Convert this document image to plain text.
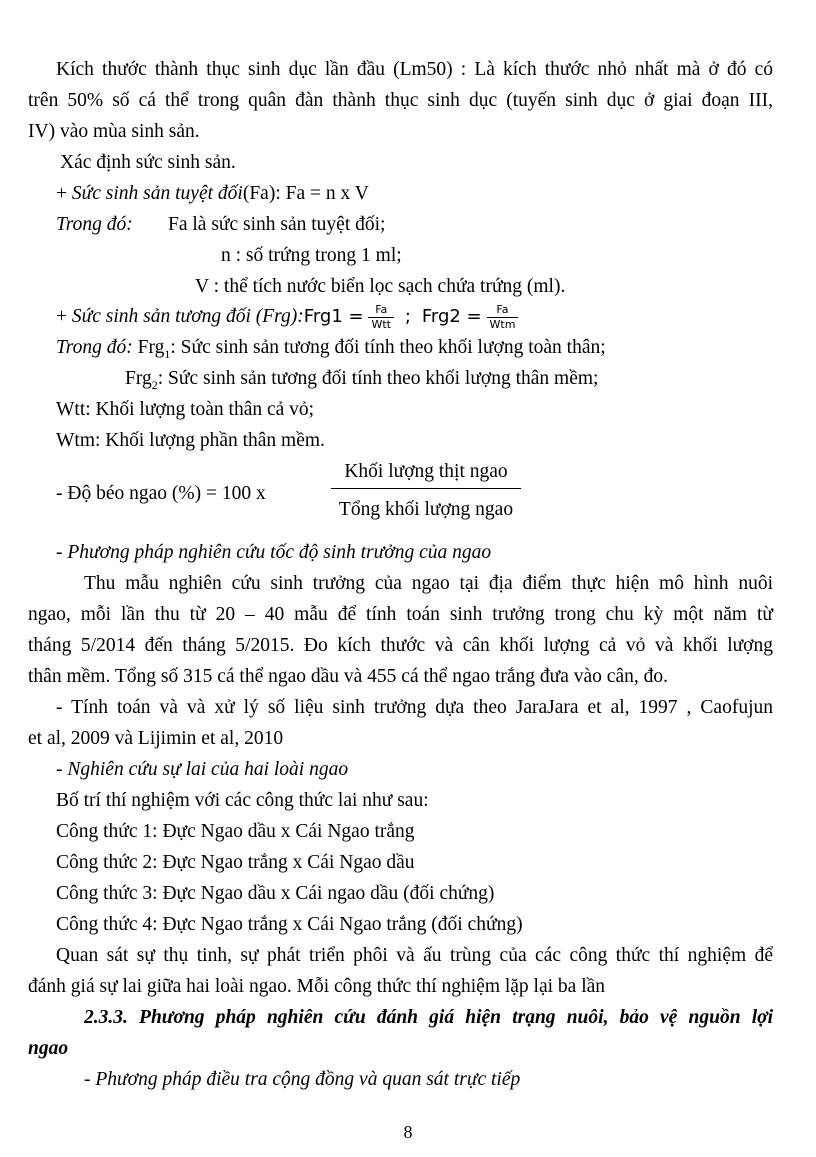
Kích thước thành thục sinh dục lần đầu (Lm50) : Là kích thước nhỏ nhất mà ở đó có
trên 50% số cá thể trong quân đàn thành thục sinh dục (tuyến sinh dục ở giai đoạn III,
IV) vào mùa sinh sản.
Xác định sức sinh sản.
+ Sức sinh sản tuyệt đối(Fa): Fa = n x V
Trong đó: Fa là sức sinh sản tuyệt đối;
n : số trứng trong 1 ml;
V : thể tích nước biển lọc sạch chứa trứng (ml).
+ Sức sinh sản tương đối (Frg):Frg1 = $\frac{Fa}{\text{Wtt}}$ ; $Frg2 = \frac{Fa}{\text{Wtm}}$
Trong đó: Frg$_1$: Sức sinh sản tương đối tính theo khối lượng toàn thân;
Frg$_2$: Sức sinh sản tương đối tính theo khối lượng thân mềm;
Wtt: Khối lượng toàn thân cả vỏ;
Wtm: Khối lượng phần thân mềm.
- Độ béo ngao (%) = 100 x
Khối lượng thịt ngao
Tổng khối lượng ngao
- Phương pháp nghiên cứu tốc độ sinh trưởng của ngao
Thu mẫu nghiên cứu sinh trưởng của ngao tại địa điểm thực hiện mô hình nuôi
ngao, mỗi lần thu từ 20 – 40 mẫu để tính toán sinh trưởng trong chu kỳ một năm từ
tháng 5/2014 đến tháng 5/2015. Đo kích thước và cân khối lượng cả vỏ và khối lượng
thân mềm. Tổng số 315 cá thể ngao dầu và 455 cá thể ngao trắng đưa vào cân, đo.
- Tính toán và và xử lý số liệu sinh trưởng dựa theo JaraJara et al, 1997 , Caofujun
et al, 2009 và Lijimin et al, 2010
- Nghiên cứu sự lai của hai loài ngao
Bố trí thí nghiệm với các công thức lai như sau:
Công thức 1: Đực Ngao dầu x Cái Ngao trắng
Công thức 2: Đực Ngao trắng x Cái Ngao dầu
Công thức 3: Đực Ngao dầu x Cái ngao dầu (đối chứng)
Công thức 4: Đực Ngao trắng x Cái Ngao trắng (đối chứng)
Quan sát sự thụ tinh, sự phát triển phôi và ấu trùng của các công thức thí nghiệm để
đánh giá sự lai giữa hai loài ngao. Mỗi công thức thí nghiệm lặp lại ba lần
2.3.3. Phương pháp nghiên cứu đánh giá hiện trạng nuôi, bảo vệ nguồn lợi
ngao
- Phương pháp điều tra cộng đồng và quan sát trực tiếp
8
